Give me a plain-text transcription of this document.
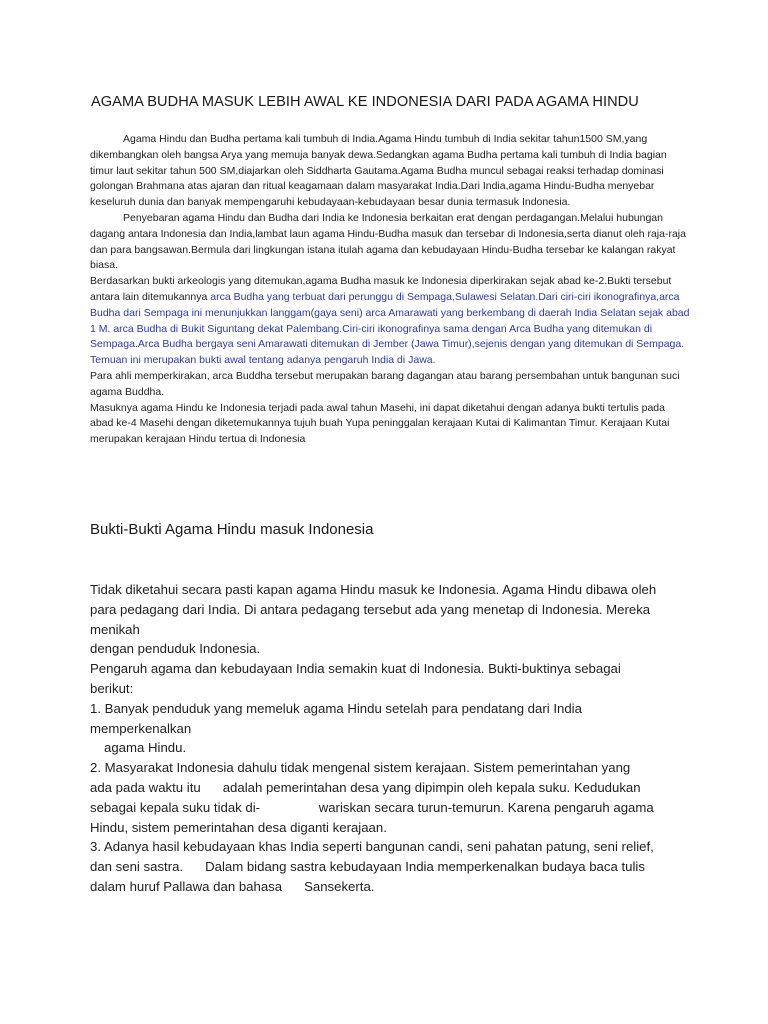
AGAMA BUDHA MASUK LEBIH AWAL KE INDONESIA DARI PADA AGAMA HINDU

Agama Hindu dan Budha pertama kali tumbuh di India.Agama Hindu tumbuh di India sekitar tahun1500 SM,yang dikembangkan oleh bangsa Arya yang memuja banyak dewa.Sedangkan agama Budha pertama kali tumbuh di India bagian timur laut sekitar tahun 500 SM,diajarkan oleh Siddharta Gautama.Agama Budha muncul sebagai reaksi terhadap dominasi golongan Brahmana atas ajaran dan ritual keagamaan dalam masyarakat India.Dari India,agama Hindu-Budha menyebar keseluruh dunia dan banyak mempengaruhi kebudayaan-kebudayaan besar dunia termasuk Indonesia.

Penyebaran agama Hindu dan Budha dari India ke Indonesia berkaitan erat dengan perdagangan.Melalui hubungan dagang antara Indonesia dan India,lambat laun agama Hindu-Budha masuk dan tersebar di Indonesia,serta dianut oleh raja-raja dan para bangsawan.Bermula dari lingkungan istana itulah agama dan kebudayaan Hindu-Budha tersebar ke kalangan rakyat biasa.

Berdasarkan bukti arkeologis yang ditemukan,agama Budha masuk ke Indonesia diperkirakan sejak abad ke-2.Bukti tersebut antara lain ditemukannya arca Budha yang terbuat dari perunggu di Sempaga,Sulawesi Selatan.Dari ciri-ciri ikonografinya,arca Budha dari Sempaga ini menunjukkan langgam(gaya seni) arca Amarawati yang berkembang di daerah India Selatan sejak abad 1 M. arca Budha di Bukit Siguntang dekat Palembang.Ciri-ciri ikonografinya sama dengan Arca Budha yang ditemukan di Sempaga.Arca Budha bergaya seni Amarawati ditemukan di Jember (Jawa Timur),sejenis dengan yang ditemukan di Sempaga. Temuan ini merupakan bukti awal tentang adanya pengaruh India di Jawa.

Para ahli memperkirakan, arca Buddha tersebut merupakan barang dagangan atau barang persembahan untuk bangunan suci agama Buddha.

Masuknya agama Hindu ke Indonesia terjadi pada awal tahun Masehi, ini dapat diketahui dengan adanya bukti tertulis pada abad ke-4 Masehi dengan diketemukannya tujuh buah Yupa peninggalan kerajaan Kutai di Kalimantan Timur. Kerajaan Kutai merupakan kerajaan Hindu tertua di Indonesia

Bukti-Bukti Agama Hindu masuk Indonesia

Tidak diketahui secara pasti kapan agama Hindu masuk ke Indonesia. Agama Hindu dibawa oleh

para pedagang dari India. Di antara pedagang tersebut ada yang menetap di Indonesia. Mereka

menikah

dengan penduduk Indonesia.

Pengaruh agama dan kebudayaan India semakin kuat di Indonesia. Bukti-buktinya sebagai

berikut:

1. Banyak penduduk yang memeluk agama Hindu setelah para pendatang dari India

memperkenalkan

agama Hindu.

2. Masyarakat Indonesia dahulu tidak mengenal sistem kerajaan. Sistem pemerintahan yang

ada pada waktu itu      adalah pemerintahan desa yang dipimpin oleh kepala suku. Kedudukan

sebagai kepala suku tidak di-                wariskan secara turun-temurun. Karena pengaruh agama

Hindu, sistem pemerintahan desa diganti kerajaan.

3. Adanya hasil kebudayaan khas India seperti bangunan candi, seni pahatan patung, seni relief,

dan seni sastra.      Dalam bidang sastra kebudayaan India memperkenalkan budaya baca tulis

dalam huruf Pallawa dan bahasa      Sansekerta.
